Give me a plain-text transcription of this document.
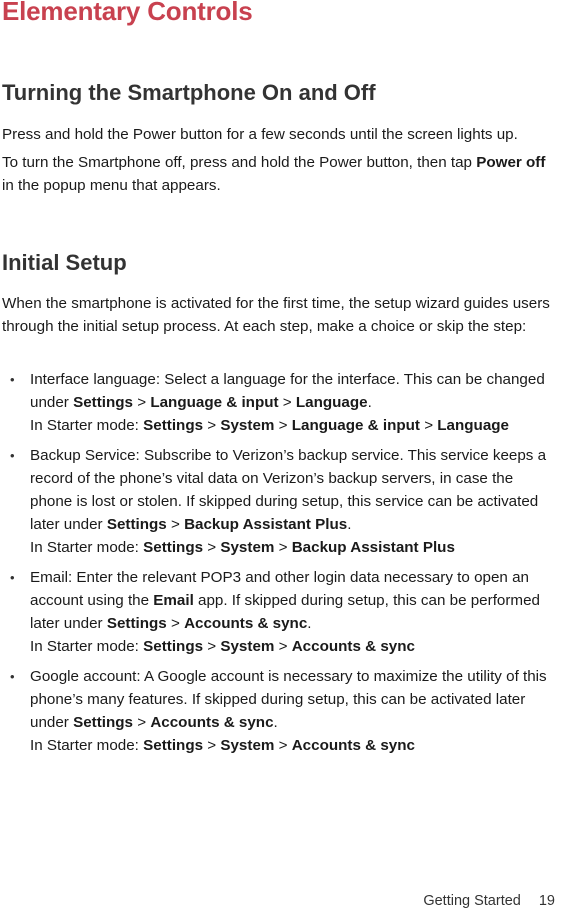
Elementary Controls
Turning the Smartphone On and Off

Press and hold the Power button for a few seconds until the screen lights up.

To turn the Smartphone off, press and hold the Power button, then tap Power off in the popup menu that appears.

Initial Setup

When the smartphone is activated for the first time, the setup wizard guides users through the initial setup process. At each step, make a choice or skip the step:

• Interface language: Select a language for the interface. This can be changed under Settings > Language & input > Language.
In Starter mode: Settings > System > Language & input > Language
• Backup Service: Subscribe to Verizon’s backup service. This service keeps a record of the phone’s vital data on Verizon’s backup servers, in case the phone is lost or stolen. If skipped during setup, this service can be activated later under Settings > Backup Assistant Plus.
In Starter mode: Settings > System > Backup Assistant Plus
• Email: Enter the relevant POP3 and other login data necessary to open an account using the Email app. If skipped during setup, this can be performed later under Settings > Accounts & sync.
In Starter mode: Settings > System > Accounts & sync
• Google account: A Google account is necessary to maximize the utility of this phone’s many features. If skipped during setup, this can be activated later under Settings > Accounts & sync.
In Starter mode: Settings > System > Accounts & sync
Getting Started 19
